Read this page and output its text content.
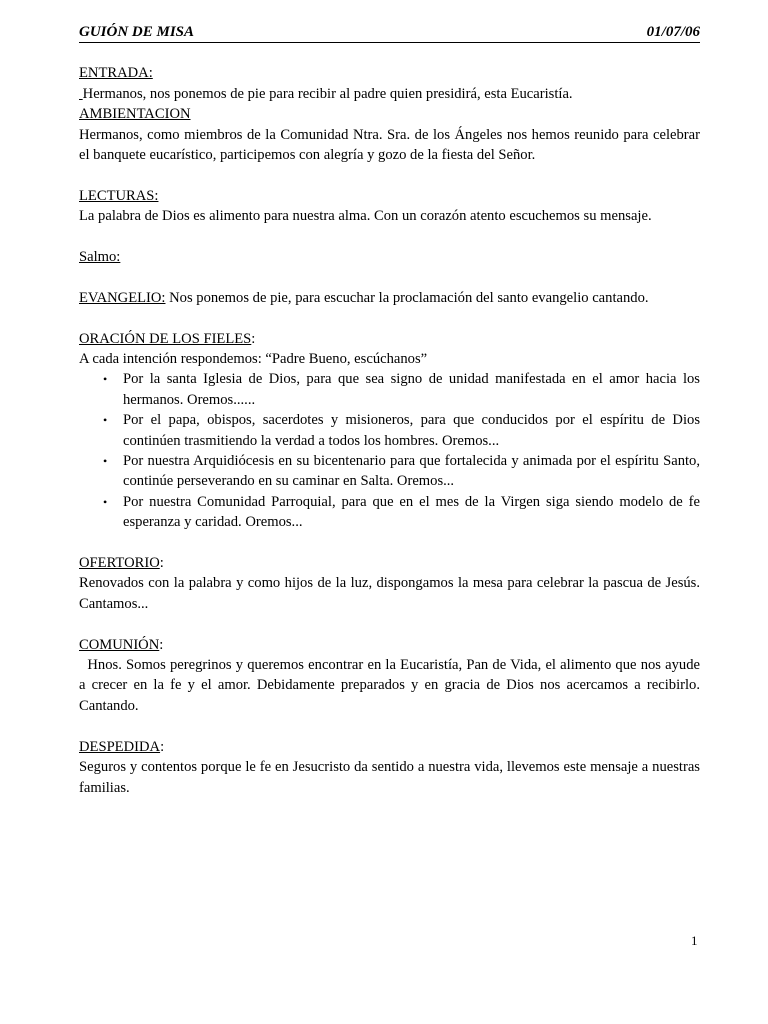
GUIÓN DE MISA	01/07/06
ENTRADA:

Hermanos, nos ponemos de pie para recibir al padre quien presidirá, esta Eucaristía.

AMBIENTACION

Hermanos, como miembros de la Comunidad Ntra. Sra. de los Ángeles nos hemos reunido para celebrar el banquete eucarístico, participemos con alegría y gozo de la fiesta del Señor.

LECTURAS:

La palabra de Dios es alimento para nuestra alma. Con un corazón atento escuchemos su mensaje.

Salmo:

EVANGELIO: Nos ponemos de pie, para escuchar la proclamación del santo evangelio cantando.

ORACIÓN DE LOS FIELES:

A cada intención respondemos: “Padre Bueno, escúchanos”

• Por la santa Iglesia de Dios, para que sea signo de unidad manifestada en el amor hacia los hermanos. Oremos......
• Por el papa, obispos, sacerdotes y misioneros, para que conducidos por el espíritu de Dios continúen trasmitiendo la verdad a todos los hombres. Oremos...
• Por nuestra Arquidiócesis en su bicentenario para que fortalecida y animada por el espíritu Santo, continúe perseverando en su caminar en Salta. Oremos...
• Por nuestra Comunidad Parroquial, para que en el mes de la Virgen siga siendo modelo de fe esperanza y caridad. Oremos...
OFERTORIO:

Renovados con la palabra y como hijos de la luz, dispongamos la mesa para celebrar la pascua de Jesús. Cantamos...

COMUNIÓN:

Hnos. Somos peregrinos y queremos encontrar en la Eucaristía, Pan de Vida, el alimento que nos ayude a crecer en la fe y el amor. Debidamente preparados y en gracia de Dios nos acercamos a recibirlo. Cantando.

DESPEDIDA:

Seguros y contentos porque le fe en Jesucristo da sentido a nuestra vida, llevemos este mensaje a nuestras familias.

1
